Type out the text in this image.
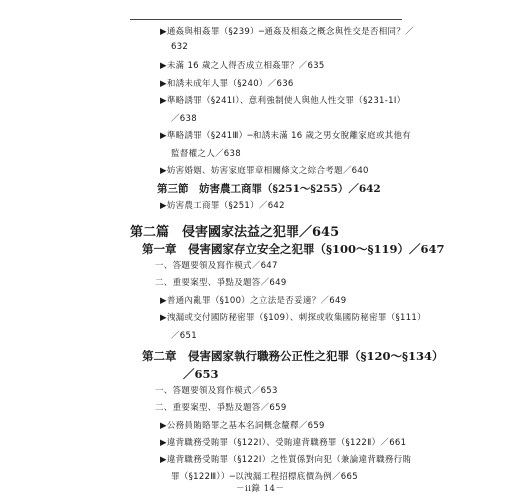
▶通姦與相姦罪（§239）─通姦及相姦之概念與性交是否相同？／
632
▶未滿 16 歲之人得否成立相姦罪？／635
▶和誘未成年人罪（§240）／636
▶準略誘罪（§241Ⅰ）、意利強制使人與他人性交罪（§231-1Ⅰ）
／638
▶準略誘罪（§241Ⅲ）─和誘未滿 16 歲之男女脫離家庭或其他有
監督權之人／638
▶妨害婚姻、妨害家庭罪章相關條文之綜合考題／640
第三節　妨害農工商罪（§251～§255）／642
▶妨害農工商罪（§251）／642
第二篇　侵害國家法益之犯罪／645
第一章　侵害國家存立安全之犯罪（§100～§119）／647
一、答題要領及寫作模式／647
二、重要案型、爭點及題答／649
▶普通內亂罪（§100）之立法是否妥適？／649
▶洩漏或交付國防秘密罪（§109）、刺探或收集國防秘密罪（§111）
／651
第二章　侵害國家執行職務公正性之犯罪（§120～§134）
／653
一、答題要領及寫作模式／653
二、重要案型、爭點及題答／659
▶公務員賄賂罪之基本名詞概念釐釋／659
▶違背職務受賄罪（§122Ⅰ）、受賄違背職務罪（§122Ⅱ）／661
▶違背職務受賄罪（§122Ⅰ）之性質係對向犯（兼論違背職務行賄
罪（§122Ⅲ））─以洩漏工程招標底價為例／665
－ii錄 14－
